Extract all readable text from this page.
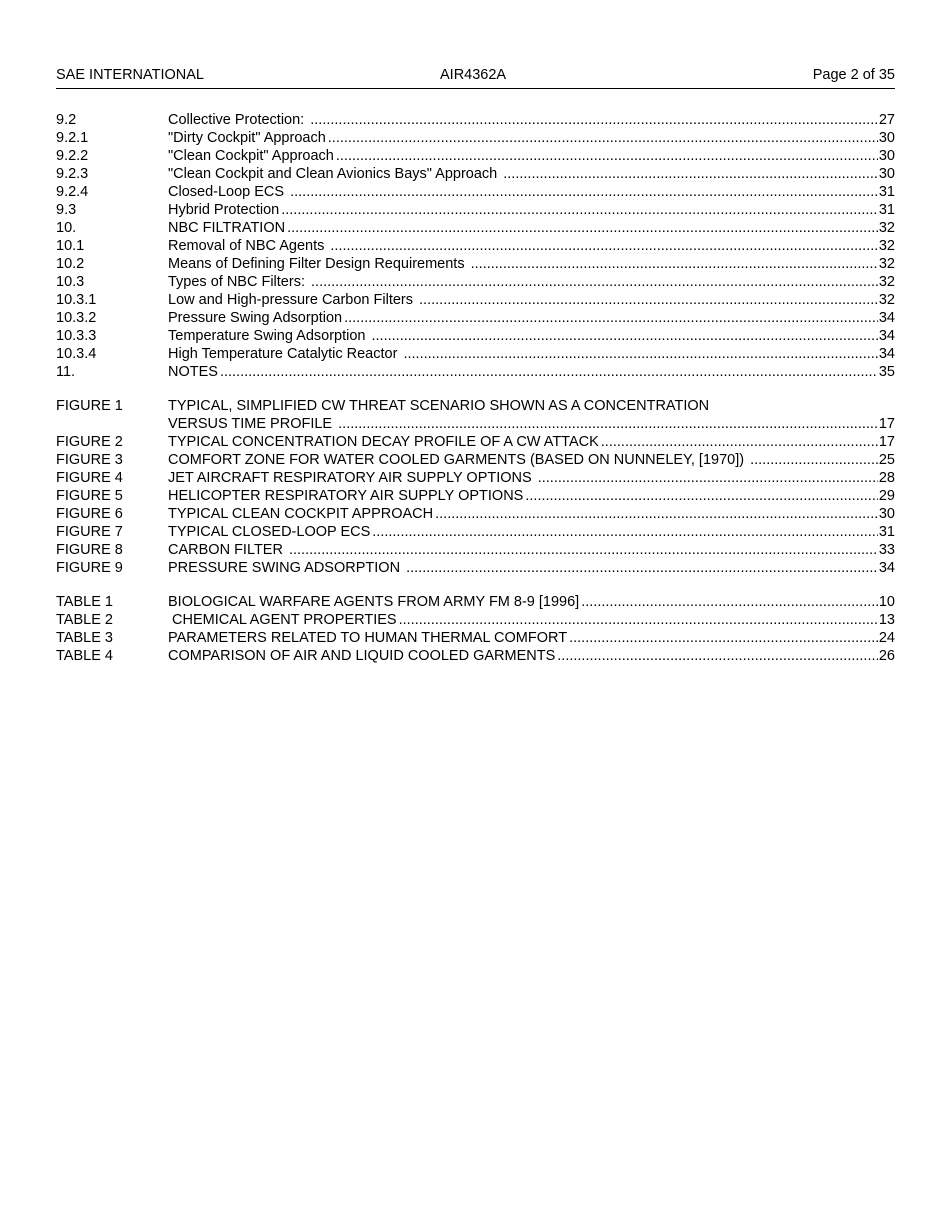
SAE INTERNATIONAL	AIR4362A	Page 2 of 35
9.2	Collective Protection: .....	27
9.2.1	"Dirty Cockpit" Approach .....	30
9.2.2	"Clean Cockpit" Approach .....	30
9.2.3	"Clean Cockpit and Clean Avionics Bays" Approach .....	30
9.2.4	Closed-Loop ECS .....	31
9.3	Hybrid Protection .....	31
10.	NBC FILTRATION .....	32
10.1	Removal of NBC Agents .....	32
10.2	Means of Defining Filter Design Requirements .....	32
10.3	Types of NBC Filters: .....	32
10.3.1	Low and High-pressure Carbon Filters .....	32
10.3.2	Pressure Swing Adsorption .....	34
10.3.3	Temperature Swing Adsorption .....	34
10.3.4	High Temperature Catalytic Reactor .....	34
11.	NOTES .....	35
FIGURE 1	TYPICAL, SIMPLIFIED CW THREAT SCENARIO SHOWN AS A CONCENTRATION
VERSUS TIME PROFILE .....	17
FIGURE 2	TYPICAL CONCENTRATION DECAY PROFILE OF A CW ATTACK .....	17
FIGURE 3	COMFORT ZONE FOR WATER COOLED GARMENTS (BASED ON NUNNELEY, [1970]) .....	25
FIGURE 4	JET AIRCRAFT RESPIRATORY AIR SUPPLY OPTIONS .....	28
FIGURE 5	HELICOPTER RESPIRATORY AIR SUPPLY OPTIONS .....	29
FIGURE 6	TYPICAL CLEAN COCKPIT APPROACH .....	30
FIGURE 7	TYPICAL CLOSED-LOOP ECS .....	31
FIGURE 8	CARBON FILTER .....	33
FIGURE 9	PRESSURE SWING ADSORPTION .....	34
TABLE 1	BIOLOGICAL WARFARE AGENTS FROM ARMY FM 8-9 [1996] .....	10
TABLE 2	CHEMICAL AGENT PROPERTIES .....	13
TABLE 3	PARAMETERS RELATED TO HUMAN THERMAL COMFORT .....	24
TABLE 4	COMPARISON OF AIR AND LIQUID COOLED GARMENTS .....	26
